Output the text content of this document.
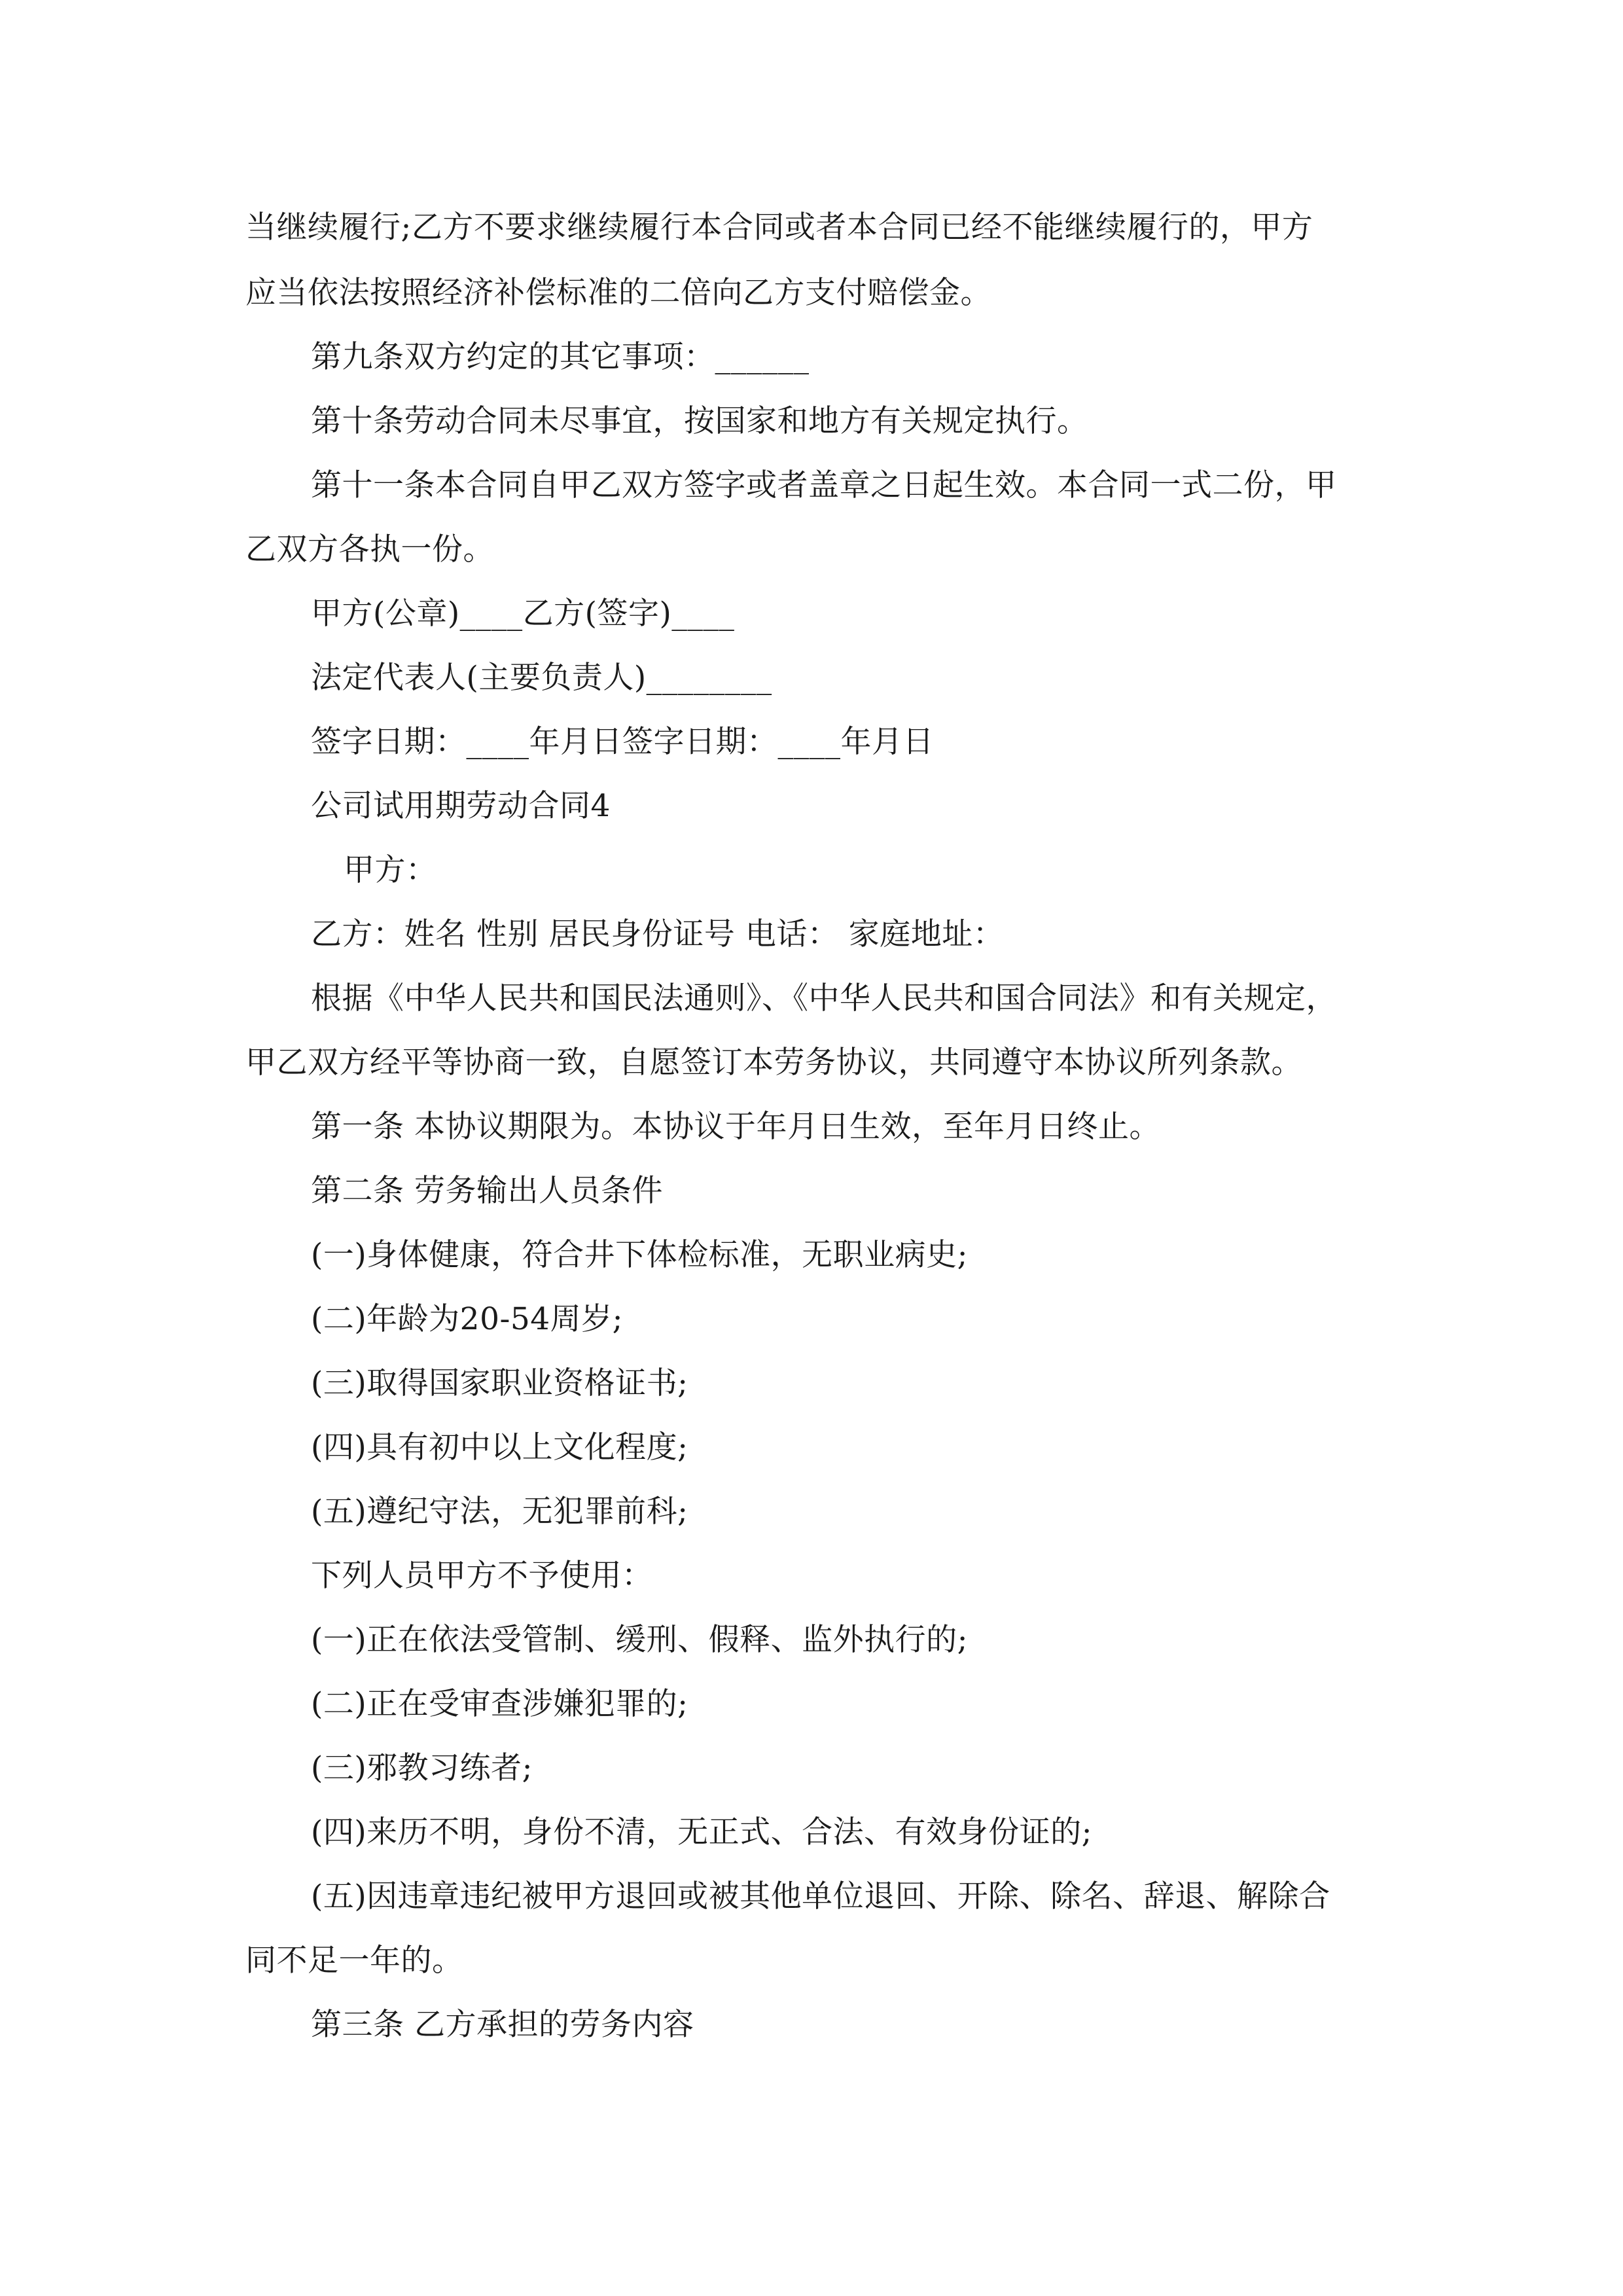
当继续履行;乙方不要求继续履行本合同或者本合同已经不能继续履行的，甲方
应当依法按照经济补偿标准的二倍向乙方支付赔偿金。
第九条双方约定的其它事项：______
第十条劳动合同未尽事宜，按国家和地方有关规定执行。
第十一条本合同自甲乙双方签字或者盖章之日起生效。本合同一式二份，甲
乙双方各执一份。
甲方(公章)____乙方(签字)____
法定代表人(主要负责人)________
签字日期：____年月日签字日期：____年月日
公司试用期劳动合同4
甲方：
乙方：姓名 性别 居民身份证号 电话： 家庭地址：
根据《中华人民共和国民法通则》、《中华人民共和国合同法》和有关规定，
甲乙双方经平等协商一致，自愿签订本劳务协议，共同遵守本协议所列条款。
第一条 本协议期限为。本协议于年月日生效，至年月日终止。
第二条 劳务输出人员条件
(一)身体健康，符合井下体检标准，无职业病史;
(二)年龄为20-54周岁;
(三)取得国家职业资格证书;
(四)具有初中以上文化程度;
(五)遵纪守法，无犯罪前科;
下列人员甲方不予使用：
(一)正在依法受管制、缓刑、假释、监外执行的;
(二)正在受审查涉嫌犯罪的;
(三)邪教习练者;
(四)来历不明，身份不清，无正式、合法、有效身份证的;
(五)因违章违纪被甲方退回或被其他单位退回、开除、除名、辞退、解除合
同不足一年的。
第三条 乙方承担的劳务内容
